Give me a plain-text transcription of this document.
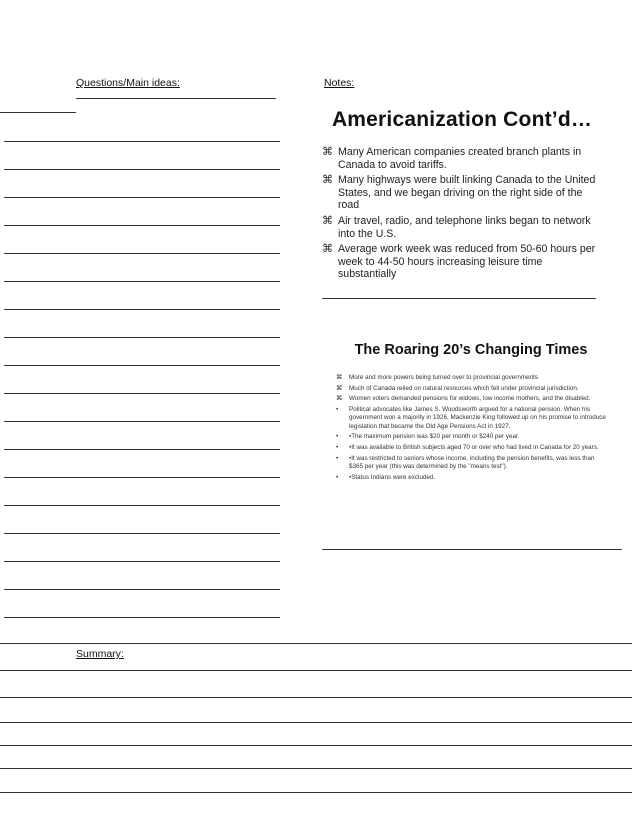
Questions/Main ideas:	Notes:
Summary:
Americanization Cont’d…
⌘ Many American companies created branch plants in Canada to avoid tariffs.
⌘ Many highways were built linking Canada to the United States, and we began driving on the right side of the road
⌘ Air travel, radio, and telephone links began to network into the U.S.
⌘ Average work week was reduced from 50-60 hours per week to 44-50 hours increasing leisure time substantially
The Roaring 20’s Changing Times
⌘ More and more powers being turned over to provincial governments
⌘ Much of Canada relied on natural resources which fell under provincial jurisdiction.
⌘ Women voters demanded pensions for widows, low income mothers, and the disabled.
• Political advocates like James S. Woodsworth argued for a national pension. When his government won a majority in 1926, Mackenzie King followed up on his promise to introduce legislation that became the Old Age Pensions Act in 1927.
• •The maximum pension was $20 per month or $240 per year.
• •It was available to British subjects aged 70 or over who had lived in Canada for 20 years.
• •It was restricted to seniors whose income, including the pension benefits, was less than $365 per year (this was determined by the "means test").
• •Status Indians were excluded.
